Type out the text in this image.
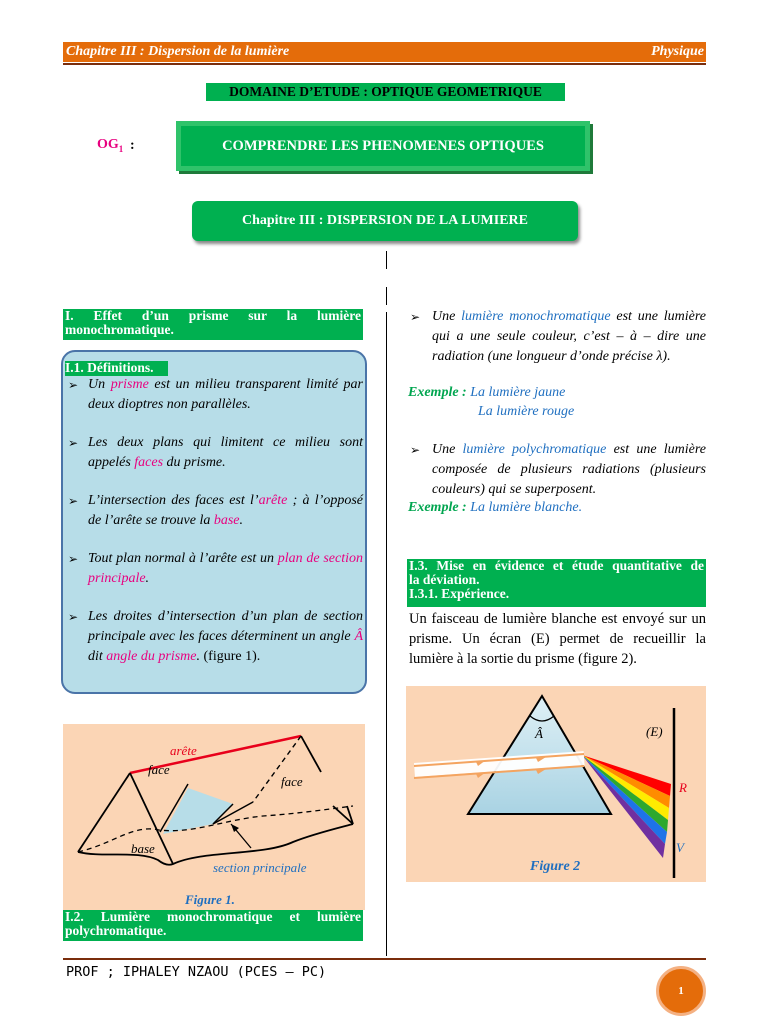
Chapitre III : Dispersion de la lumière	Physique
DOMAINE D’ETUDE : OPTIQUE GEOMETRIQUE
$OG_1$ :	COMPRENDRE LES PHENOMENES OPTIQUES
Chapitre III : DISPERSION DE LA LUMIERE
I. Effet d’un prisme sur la lumière
monochromatique.
I.1. Définitions.
➢ Un prisme est un milieu transparent limité par deux dioptres non parallèles.
➢ Les deux plans qui limitent ce milieu sont appelés faces du prisme.
➢ L’intersection des faces est l’arête ; à l’opposé de l’arête se trouve la base.
➢ Tout plan normal à l’arête est un plan de section principale.
➢ Les droites d’intersection d’un plan de section principale avec les faces déterminent un angle Â dit angle du prisme. (figure 1).
arête
face
face
base
section principale
Figure 1.
I.2. Lumière monochromatique et lumière
polychromatique.
➢ Une lumière monochromatique est une lumière qui a une seule couleur, c’est – à – dire une radiation (une longueur d’onde précise λ).
Exemple : La lumière jaune
La lumière rouge
➢ Une lumière polychromatique est une lumière composée de plusieurs radiations (plusieurs couleurs) qui se superposent.
Exemple : La lumière blanche.
I.3. Mise en évidence et étude quantitative de
la déviation.
I.3.1. Expérience.
Un faisceau de lumière blanche est envoyé sur un prisme. Un écran (E) permet de recueillir la lumière à la sortie du prisme (figure 2).
Â	(E)
R
V
Figure 2
PROF ; IPHALEY NZAOU (PCES – PC)
1
